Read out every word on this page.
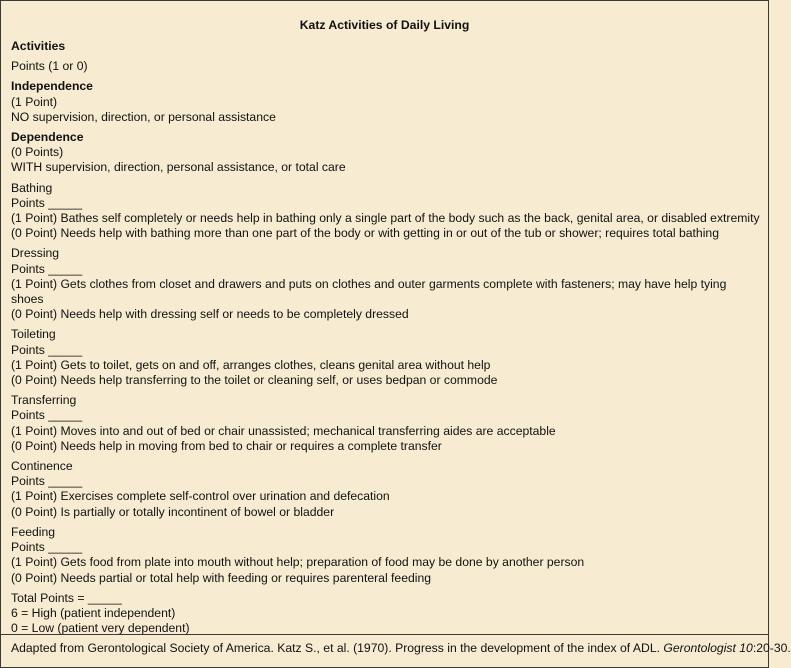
Katz Activities of Daily Living
Activities
Points (1 or 0)
Independence
(1 Point)
NO supervision, direction, or personal assistance
Dependence
(0 Points)
WITH supervision, direction, personal assistance, or total care
Bathing
Points _____
(1 Point) Bathes self completely or needs help in bathing only a single part of the body such as the back, genital area, or disabled extremity
(0 Point) Needs help with bathing more than one part of the body or with getting in or out of the tub or shower; requires total bathing
Dressing
Points _____
(1 Point) Gets clothes from closet and drawers and puts on clothes and outer garments complete with fasteners; may have help tying shoes
(0 Point) Needs help with dressing self or needs to be completely dressed
Toileting
Points _____
(1 Point) Gets to toilet, gets on and off, arranges clothes, cleans genital area without help
(0 Point) Needs help transferring to the toilet or cleaning self, or uses bedpan or commode
Transferring
Points _____
(1 Point) Moves into and out of bed or chair unassisted; mechanical transferring aides are acceptable
(0 Point) Needs help in moving from bed to chair or requires a complete transfer
Continence
Points _____
(1 Point) Exercises complete self-control over urination and defecation
(0 Point) Is partially or totally incontinent of bowel or bladder
Feeding
Points _____
(1 Point) Gets food from plate into mouth without help; preparation of food may be done by another person
(0 Point) Needs partial or total help with feeding or requires parenteral feeding
Total Points = _____
6 = High (patient independent)
0 = Low (patient very dependent)
Adapted from Gerontological Society of America. Katz S., et al. (1970). Progress in the development of the index of ADL. Gerontologist 10:20-30.
